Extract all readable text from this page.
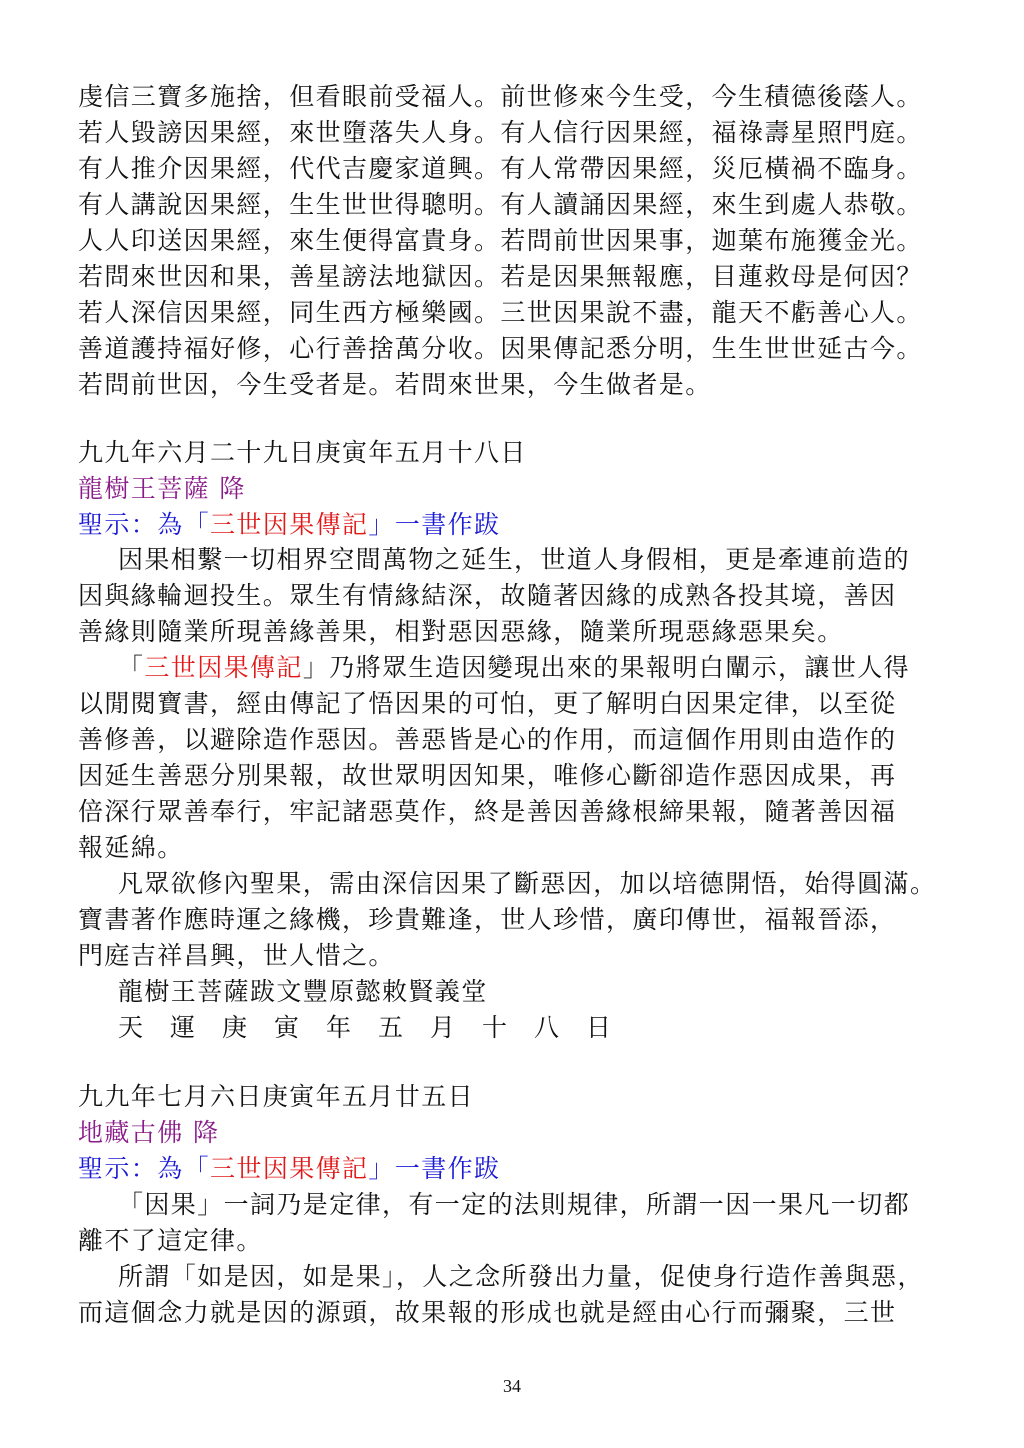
虔信三寶多施捨，但看眼前受福人。前世修來今生受，今生積德後蔭人。
若人毀謗因果經，來世墮落失人身。有人信行因果經，福祿壽星照門庭。
有人推介因果經，代代吉慶家道興。有人常帶因果經，災厄橫禍不臨身。
有人講說因果經，生生世世得聰明。有人讀誦因果經，來生到處人恭敬。
人人印送因果經，來生便得富貴身。若問前世因果事，迦葉布施獲金光。
若問來世因和果，善星謗法地獄因。若是因果無報應，目蓮救母是何因？
若人深信因果經，同生西方極樂國。三世因果說不盡，龍天不虧善心人。
善道護持福好修，心行善捨萬分收。因果傳記悉分明，生生世世延古今。
若問前世因，今生受者是。若問來世果，今生做者是。
九九年六月二十九日庚寅年五月十八日
龍樹王菩薩 降
聖示：為「三世因果傳記」一書作跋
因果相繫一切相界空間萬物之延生，世道人身假相，更是牽連前造的
因與緣輪迴投生。眾生有情緣結深，故隨著因緣的成熟各投其境，善因
善緣則隨業所現善緣善果，相對惡因惡緣，隨業所現惡緣惡果矣。
「三世因果傳記」乃將眾生造因變現出來的果報明白闡示，讓世人得
以閒閱寶書，經由傳記了悟因果的可怕，更了解明白因果定律，以至從
善修善，以避除造作惡因。善惡皆是心的作用，而這個作用則由造作的
因延生善惡分別果報，故世眾明因知果，唯修心斷卻造作惡因成果，再
倍深行眾善奉行，牢記諸惡莫作，終是善因善緣根締果報，隨著善因福
報延綿。
凡眾欲修內聖果，需由深信因果了斷惡因，加以培德開悟，始得圓滿。
寶書著作應時運之緣機，珍貴難逢，世人珍惜，廣印傳世，福報晉添，
門庭吉祥昌興，世人惜之。
龍樹王菩薩跋文豐原懿敕賢義堂
天運庚寅年五月十八日
九九年七月六日庚寅年五月廿五日
地藏古佛 降
聖示：為「三世因果傳記」一書作跋
「因果」一詞乃是定律，有一定的法則規律，所謂一因一果凡一切都
離不了這定律。
所謂「如是因，如是果」，人之念所發出力量，促使身行造作善與惡，
而這個念力就是因的源頭，故果報的形成也就是經由心行而彌聚，三世
34
